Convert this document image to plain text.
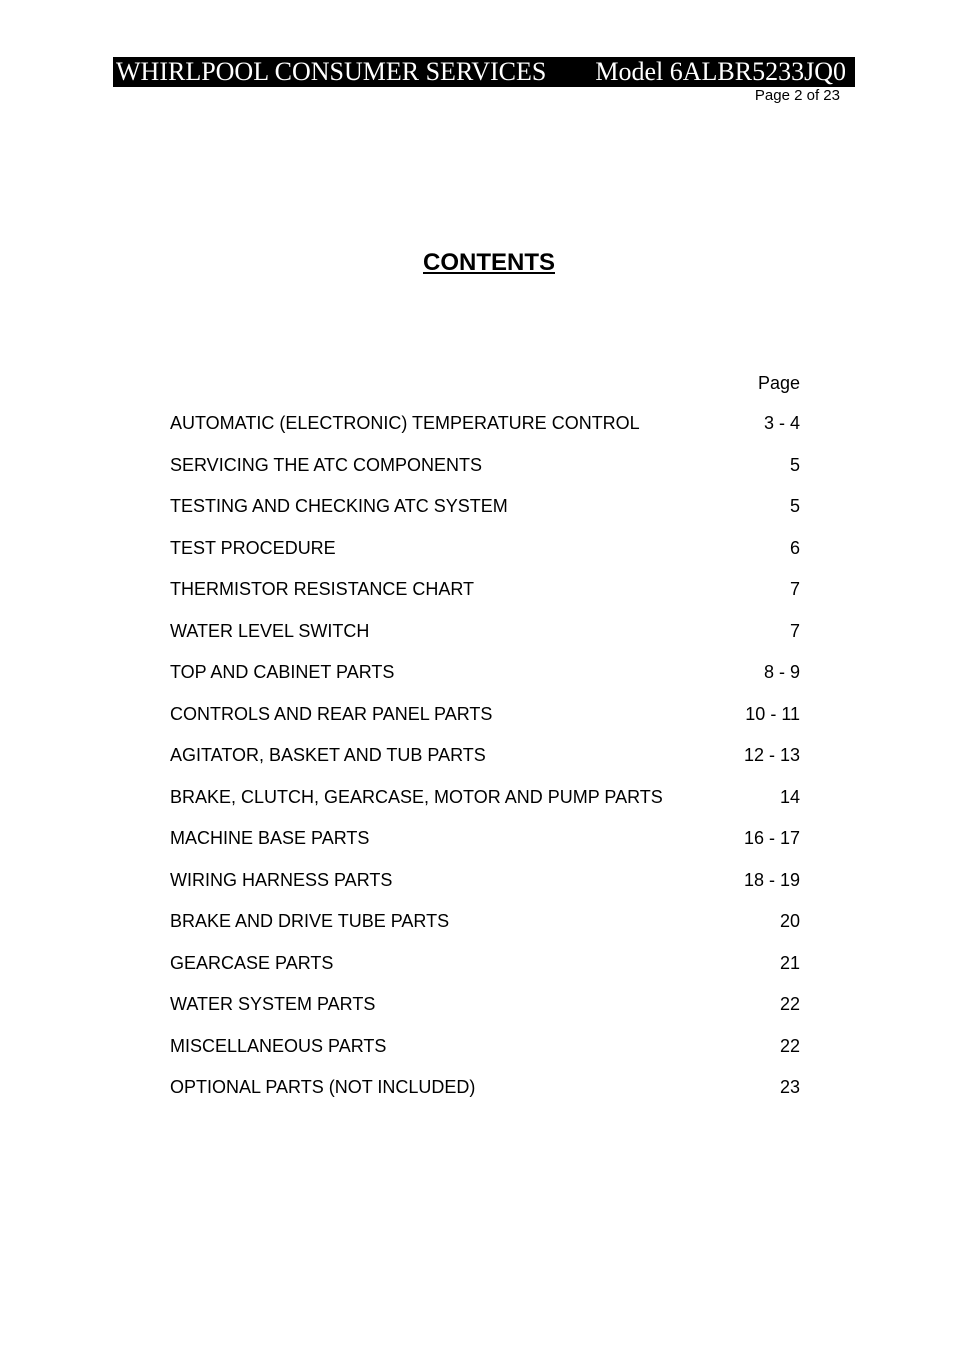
WHIRLPOOL CONSUMER SERVICES Model 6ALBR5233JQ0
Page 2 of 23
CONTENTS
Page
AUTOMATIC (ELECTRONIC) TEMPERATURE CONTROL	3 - 4
SERVICING THE ATC COMPONENTS	5
TESTING AND CHECKING ATC SYSTEM	5
TEST PROCEDURE	6
THERMISTOR RESISTANCE CHART	7
WATER LEVEL SWITCH	7
TOP AND CABINET PARTS	8 - 9
CONTROLS AND REAR PANEL PARTS	10 - 11
AGITATOR, BASKET AND TUB PARTS	12 - 13
BRAKE, CLUTCH, GEARCASE, MOTOR AND PUMP PARTS	14
MACHINE BASE PARTS	16 - 17
WIRING HARNESS PARTS	18 - 19
BRAKE AND DRIVE TUBE PARTS	20
GEARCASE PARTS	21
WATER SYSTEM PARTS	22
MISCELLANEOUS PARTS	22
OPTIONAL PARTS (NOT INCLUDED)	23
